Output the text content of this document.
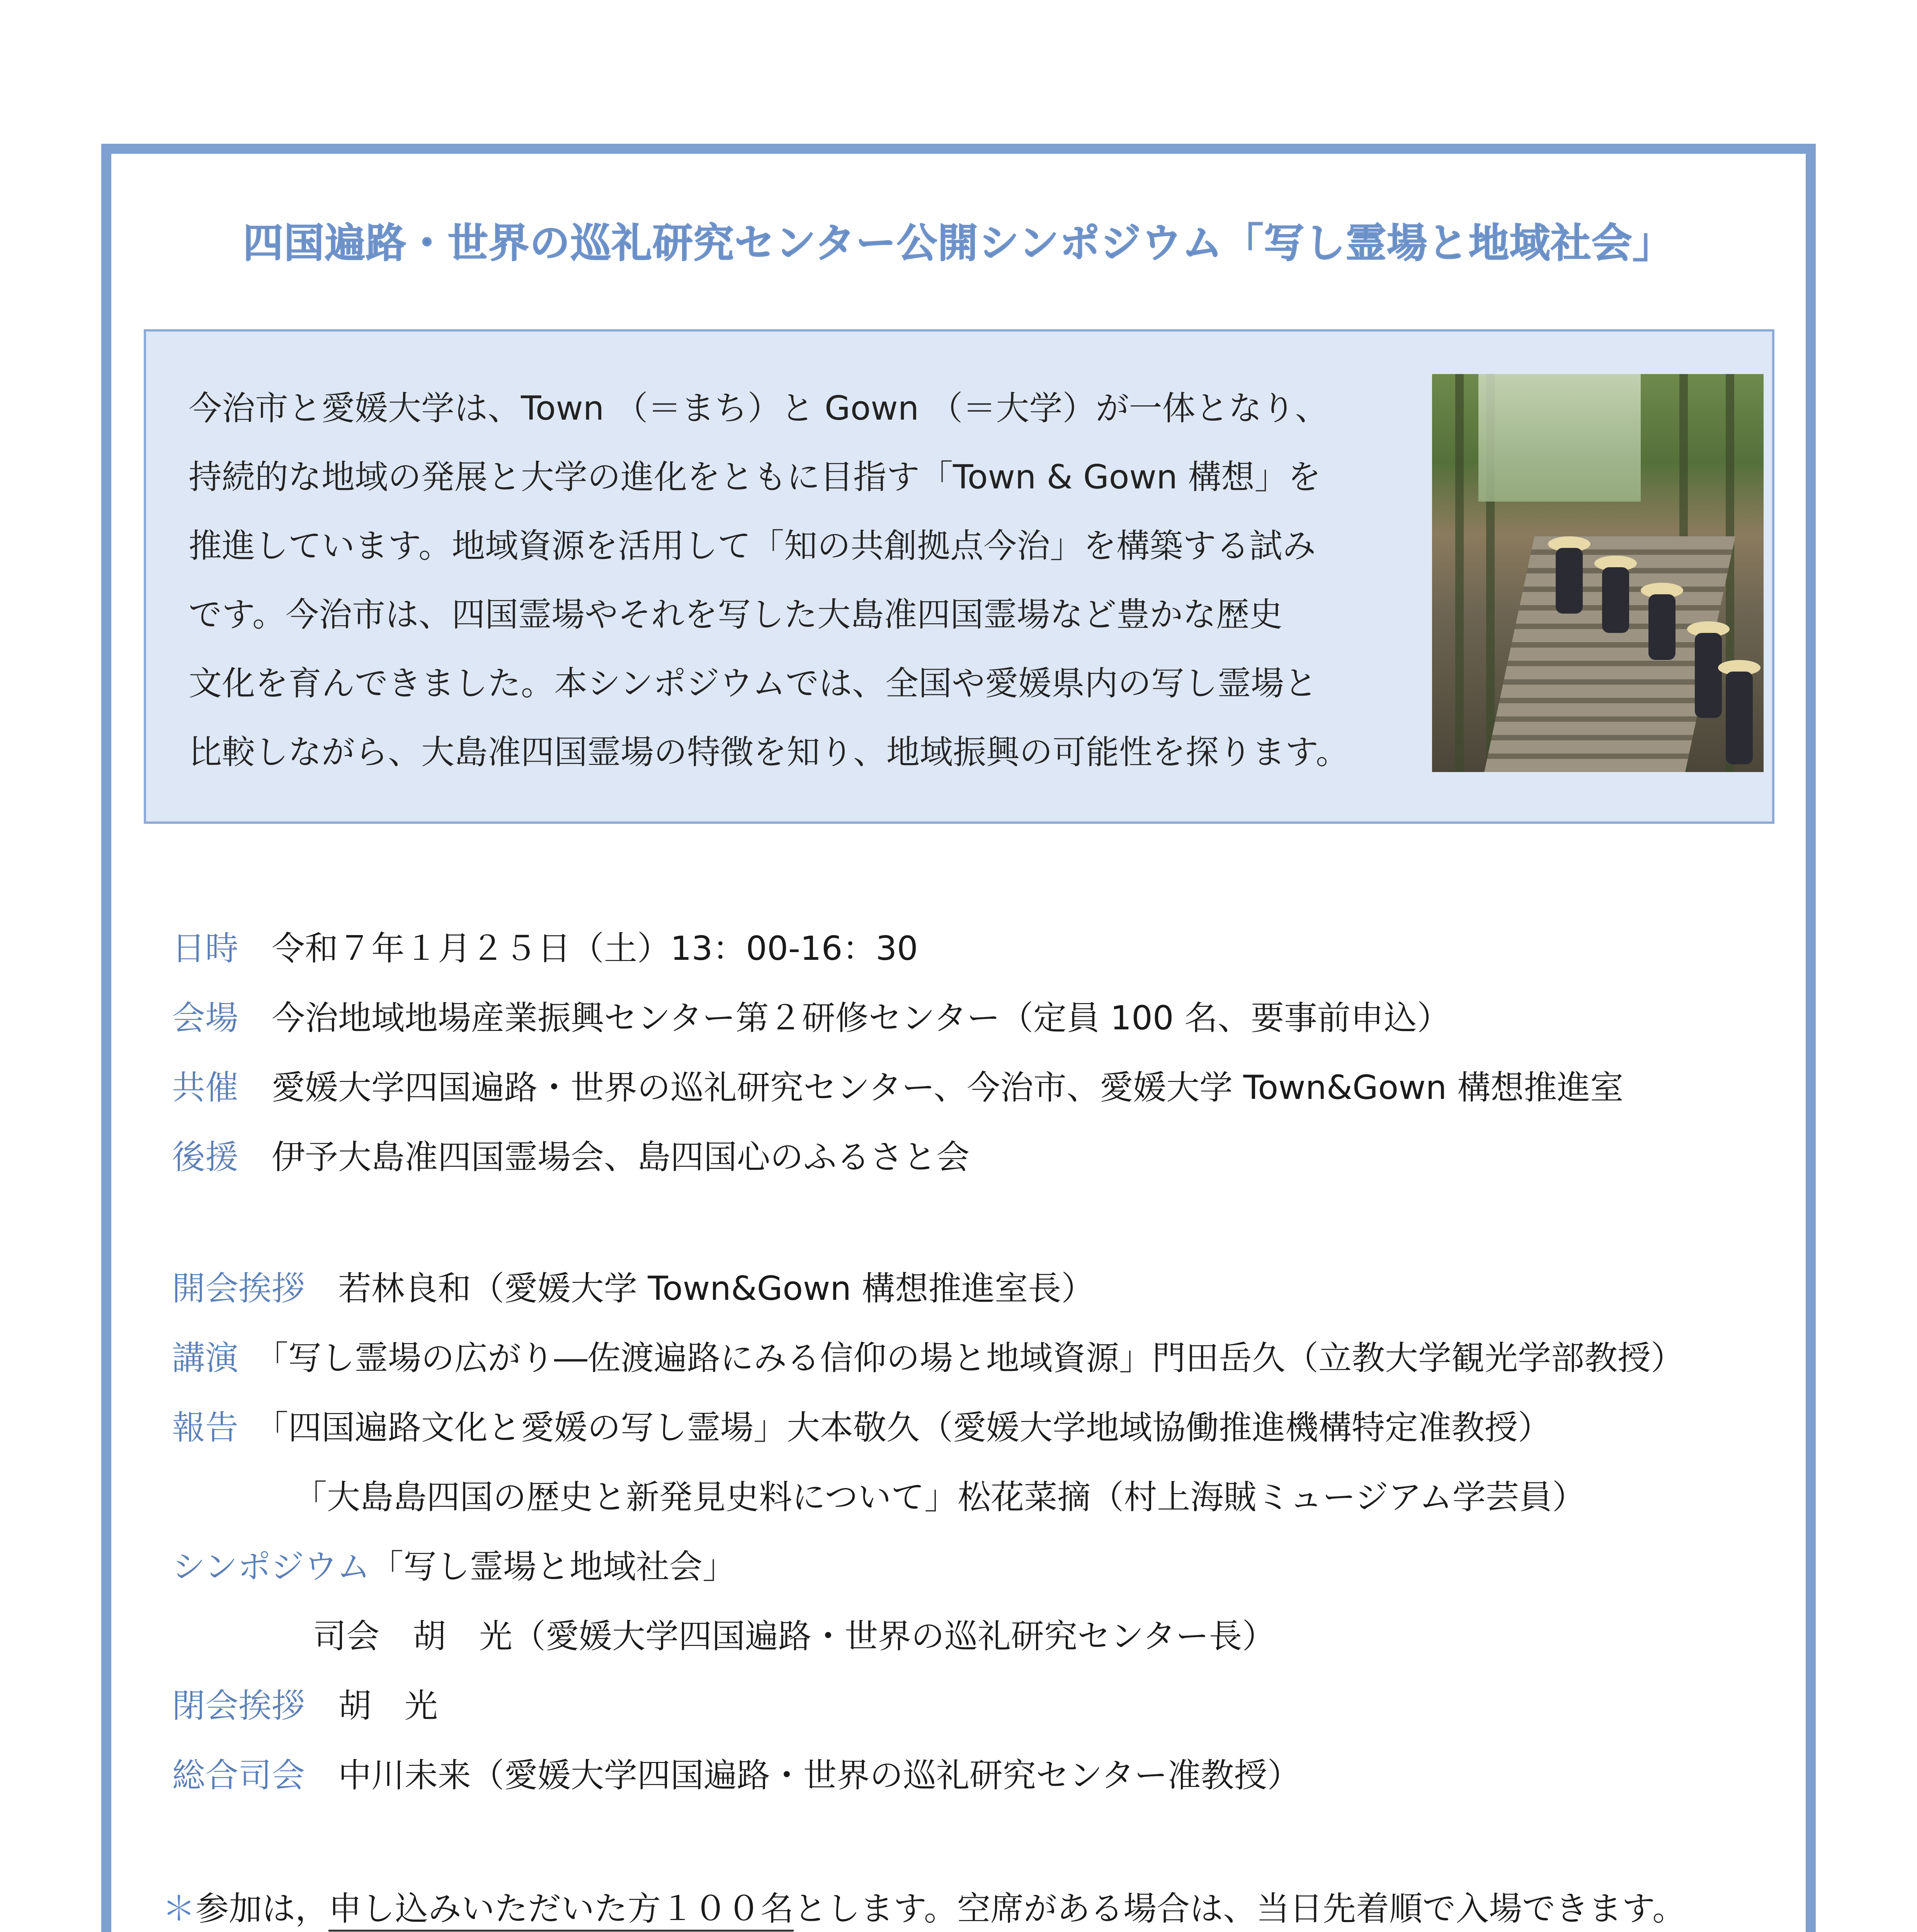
四国遍路・世界の巡礼研究センター公開シンポジウム「写し霊場と地域社会」
今治市と愛媛大学は、Town （＝まち）と Gown （＝大学）が一体となり、
持続的な地域の発展と大学の進化をともに目指す「Town & Gown 構想」を
推進しています。地域資源を活用して「知の共創拠点今治」を構築する試み
です。今治市は、四国霊場やそれを写した大島准四国霊場など豊かな歴史
文化を育んできました。本シンポジウムでは、全国や愛媛県内の写し霊場と
比較しながら、大島准四国霊場の特徴を知り、地域振興の可能性を探ります。
日時　 令和７年１月２５日（土）13：00-16：30
会場　 今治地域地場産業振興センター第２研修センター（定員 100 名、要事前申込）
共催　 愛媛大学四国遍路・世界の巡礼研究センター、今治市、愛媛大学 Town&Gown 構想推進室
後援　 伊予大島准四国霊場会、島四国心のふるさと会
開会挨拶　 若林良和（愛媛大学 Town&Gown 構想推進室長）
講演　 「写し霊場の広がり―佐渡遍路にみる信仰の場と地域資源」門田岳久（立教大学観光学部教授）
報告　 「四国遍路文化と愛媛の写し霊場」大本敬久（愛媛大学地域協働推進機構特定准教授）
「大島島四国の歴史と新発見史料について」松花菜摘（村上海賊ミュージアム学芸員）
シンポジウム「写し霊場と地域社会」
司会　胡　光（愛媛大学四国遍路・世界の巡礼研究センター長）
閉会挨拶　 胡　光
総合司会　 中川未来（愛媛大学四国遍路・世界の巡礼研究センター准教授）
＊参加は，申し込みいただいた方１００名とします。空席がある場合は、当日先着順で入場できます。
